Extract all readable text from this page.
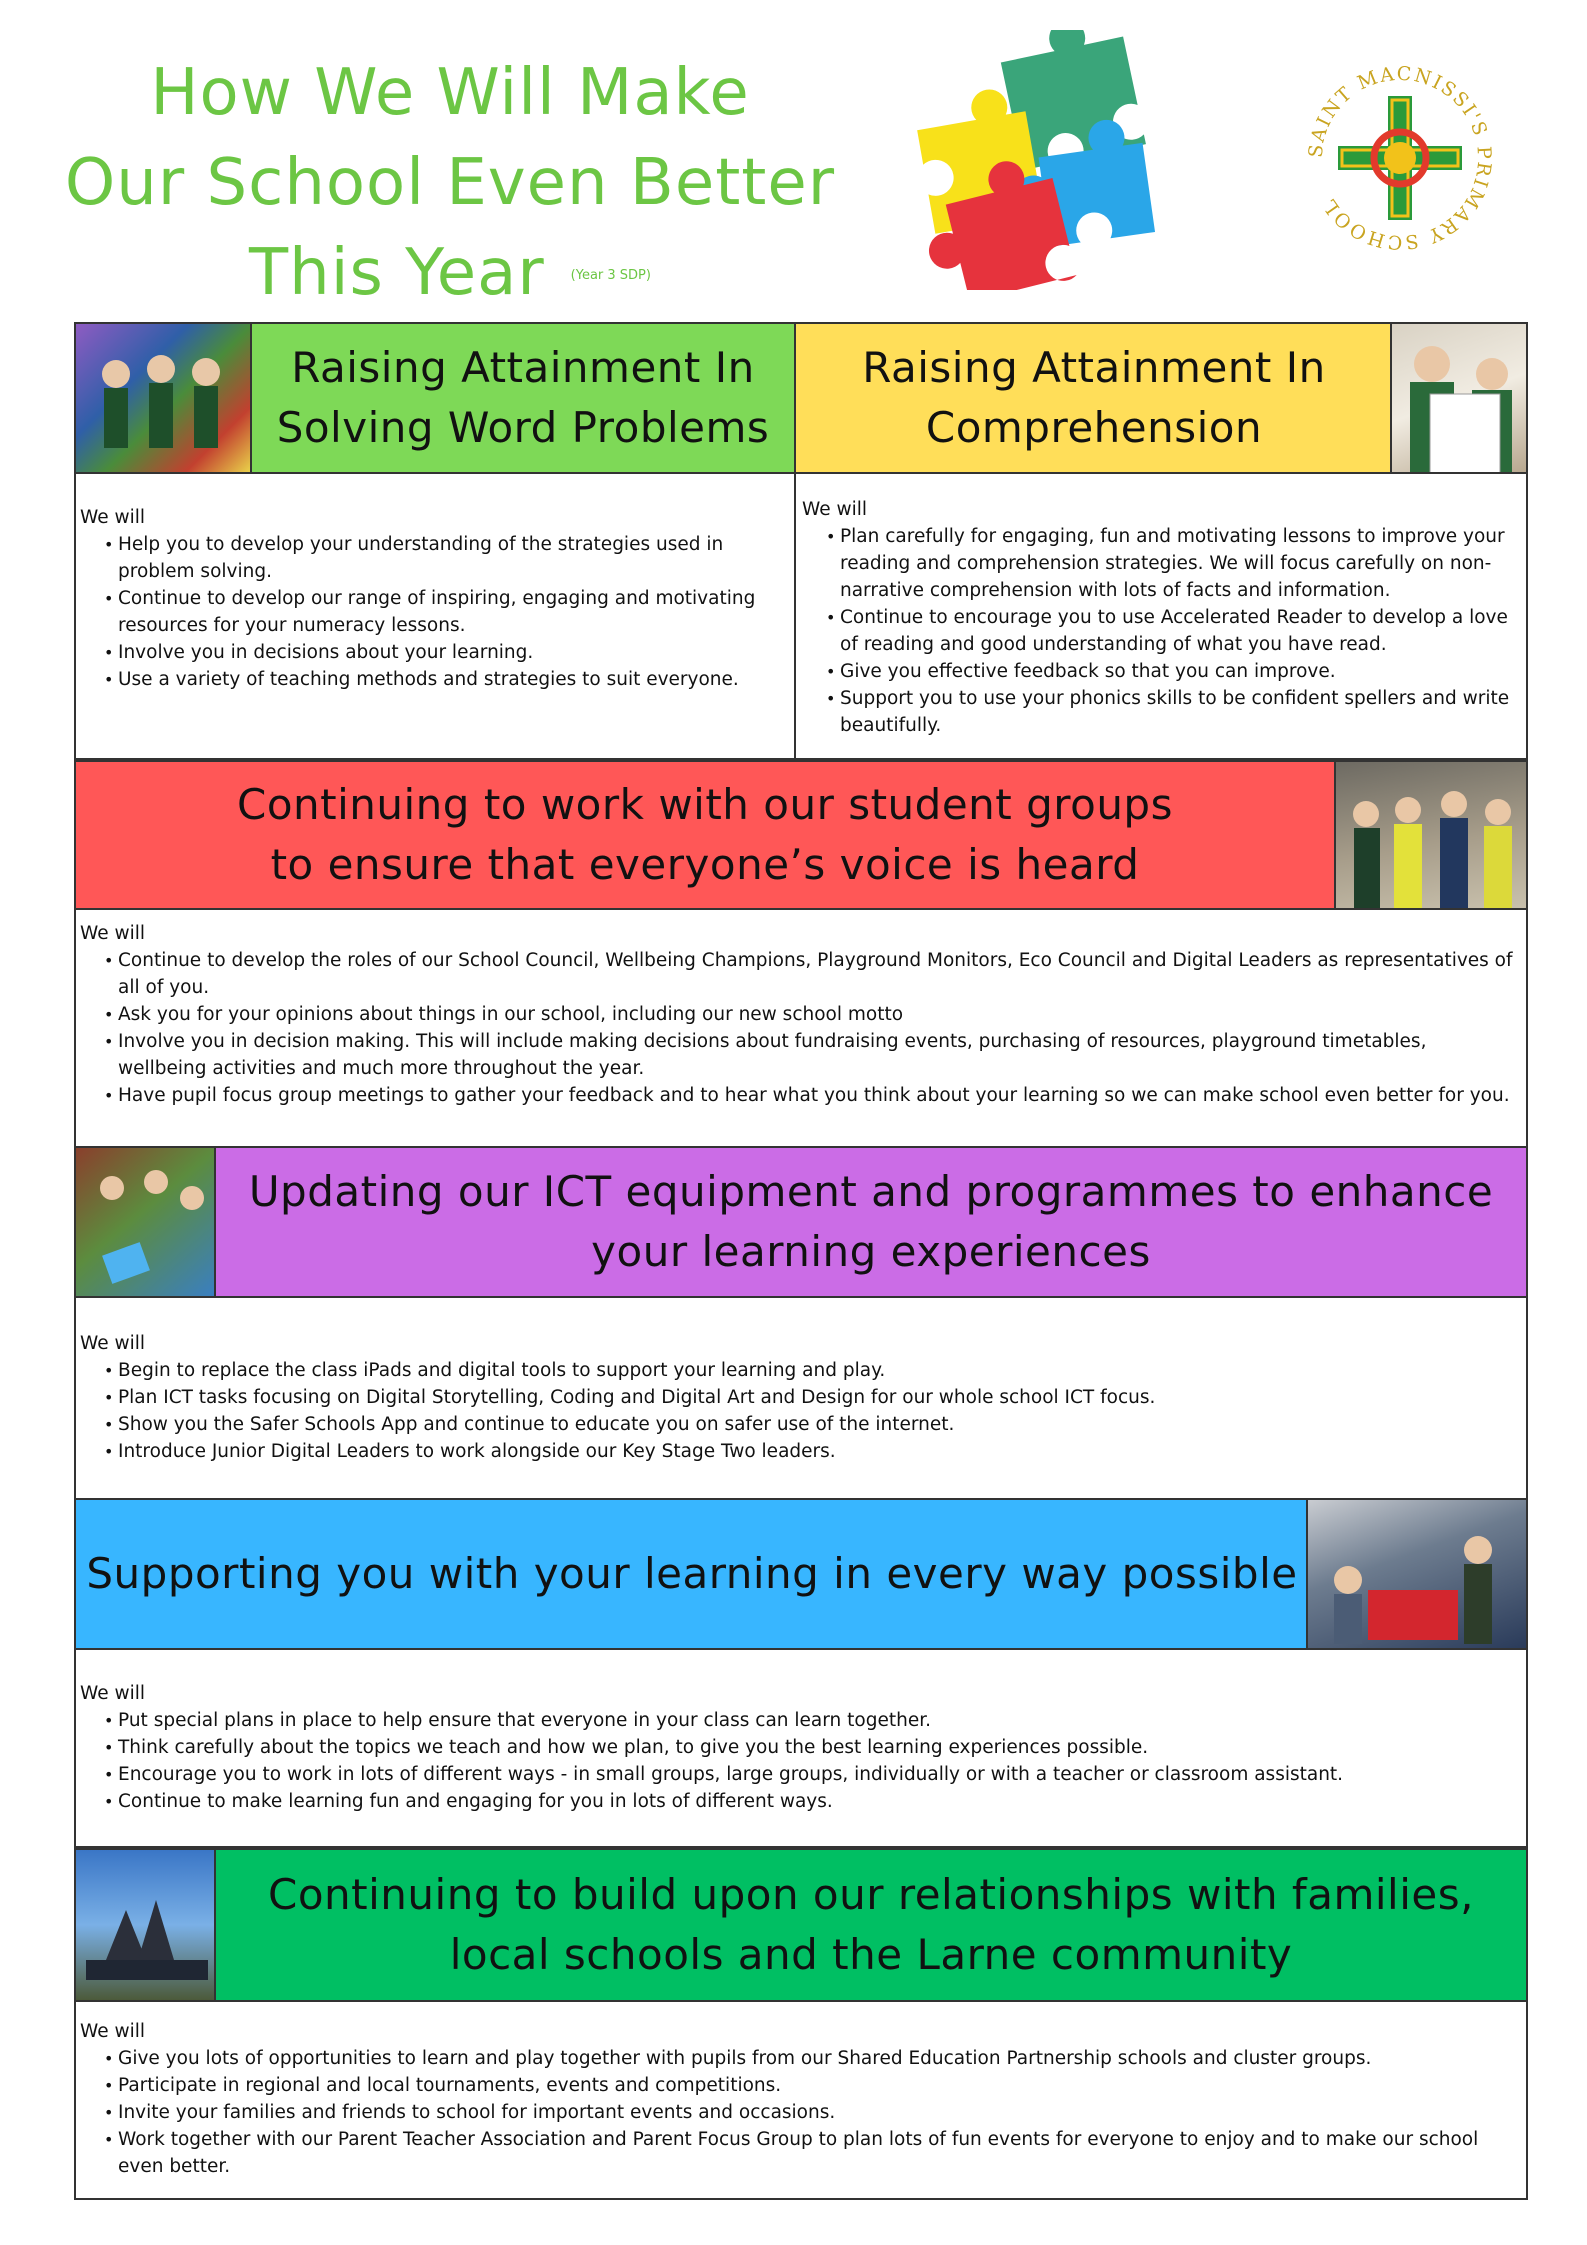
How We Will Make
Our School Even Better
This Year (Year 3 SDP)
SAINT MACNISSI'S PRIMARY SCHOOL
Raising Attainment In
Solving Word Problems
We will
• Help you to develop your understanding of the strategies used in problem solving.
• Continue to develop our range of inspiring, engaging and motivating resources for your numeracy lessons.
• Involve you in decisions about your learning.
• Use a variety of teaching methods and strategies to suit everyone.
Raising Attainment In
Comprehension
We will
• Plan carefully for engaging, fun and motivating lessons to improve your reading and comprehension strategies. We will focus carefully on non-narrative comprehension with lots of facts and information.
• Continue to encourage you to use Accelerated Reader to develop a love of reading and good understanding of what you have read.
• Give you effective feedback so that you can improve.
• Support you to use your phonics skills to be confident spellers and write beautifully.
Continuing to work with our student groups
to ensure that everyone’s voice is heard
We will
• Continue to develop the roles of our School Council, Wellbeing Champions, Playground Monitors, Eco Council and Digital Leaders as representatives of all of you.
• Ask you for your opinions about things in our school, including our new school motto
• Involve you in decision making. This will include making decisions about fundraising events, purchasing of resources, playground timetables, wellbeing activities and much more throughout the year.
• Have pupil focus group meetings to gather your feedback and to hear what you think about your learning so we can make school even better for you.
Updating our ICT equipment and programmes to enhance
your learning experiences
We will
• Begin to replace the class iPads and digital tools to support your learning and play.
• Plan ICT tasks focusing on Digital Storytelling, Coding and Digital Art and Design for our whole school ICT focus.
• Show you the Safer Schools App and continue to educate you on safer use of the internet.
• Introduce Junior Digital Leaders to work alongside our Key Stage Two leaders.
Supporting you with your learning in every way possible
We will
• Put special plans in place to help ensure that everyone in your class can learn together.
• Think carefully about the topics we teach and how we plan, to give you the best learning experiences possible.
• Encourage you to work in lots of different ways - in small groups, large groups, individually or with a teacher or classroom assistant.
• Continue to make learning fun and engaging for you in lots of different ways.
Continuing to build upon our relationships with families,
local schools and the Larne community
We will
• Give you lots of opportunities to learn and play together with pupils from our Shared Education Partnership schools and cluster groups.
• Participate in regional and local tournaments, events and competitions.
• Invite your families and friends to school for important events and occasions.
• Work together with our Parent Teacher Association and Parent Focus Group to plan lots of fun events for everyone to enjoy and to make our school even better.
